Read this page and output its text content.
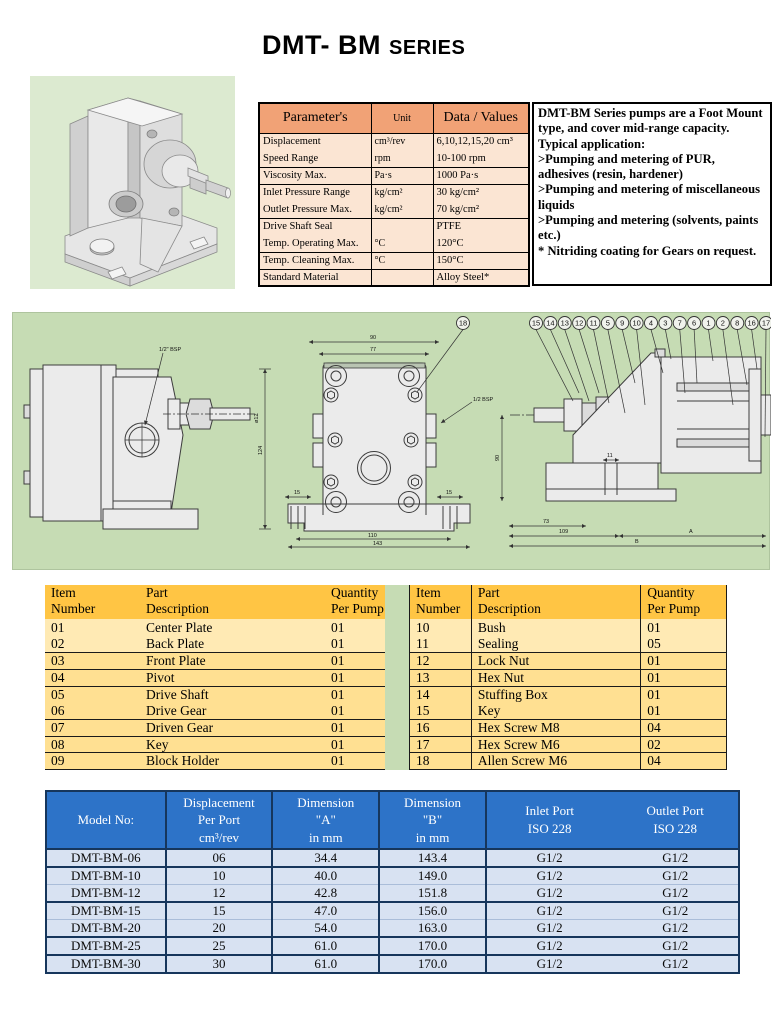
DMT- BM SERIES
Parameter's	Unit	Data / Values
Displacement	cm³/rev	6,10,12,15,20 cm³
Speed Range	rpm	10-100 rpm
Viscosity Max.	Pa·s	1000 Pa·s
Inlet Pressure Range	kg/cm²	30 kg/cm²
Outlet Pressure Max.	kg/cm²	70 kg/cm²
Drive Shaft Seal		PTFE
Temp. Operating Max.	°C	120°C
Temp. Cleaning Max.	°C	150°C
Standard Material		Alloy Steel*
DMT-BM Series pumps are a Foot Mount type, and cover mid-range capacity.
Typical application:
>Pumping and metering of PUR, adhesives (resin, hardener)
>Pumping and metering of miscellaneous liquids
>Pumping and metering (solvents, paints etc.)
* Nitriding coating for Gears on request.
1/2" BSP
ø12
124
90
77
15	15
110
143
1/2 BSP
90	11
73
109	A
B
18	15 14 13 12 11 5 9 10 4 3 7 6 1 2 8 16 17
Item
Number	Part
Description	Quantity
Per Pump
01	Center Plate	01
02	Back Plate	01
03	Front Plate	01
04	Pivot	01
05	Drive Shaft	01
06	Drive Gear	01
07	Driven Gear	01
08	Key	01
09	Block Holder	01
Item
Number	Part
Description	Quantity
Per Pump
10	Bush	01
11	Sealing	05
12	Lock Nut	01
13	Hex Nut	01
14	Stuffing Box	01
15	Key	01
16	Hex Screw M8	04
17	Hex Screw M6	02
18	Allen Screw M6	04
Model No:

Displacement
Per Port
cm³/rev

Dimension
"A"
in mm

Dimension
"B"
in mm

Inlet Port
ISO 228

Outlet Port
ISO 228

DMT-BM-06	06	34.4	143.4	G1/2	G1/2
DMT-BM-10	10	40.0	149.0	G1/2	G1/2
DMT-BM-12	12	42.8	151.8	G1/2	G1/2
DMT-BM-15	15	47.0	156.0	G1/2	G1/2
DMT-BM-20	20	54.0	163.0	G1/2	G1/2
DMT-BM-25	25	61.0	170.0	G1/2	G1/2
DMT-BM-30	30	61.0	170.0	G1/2	G1/2
